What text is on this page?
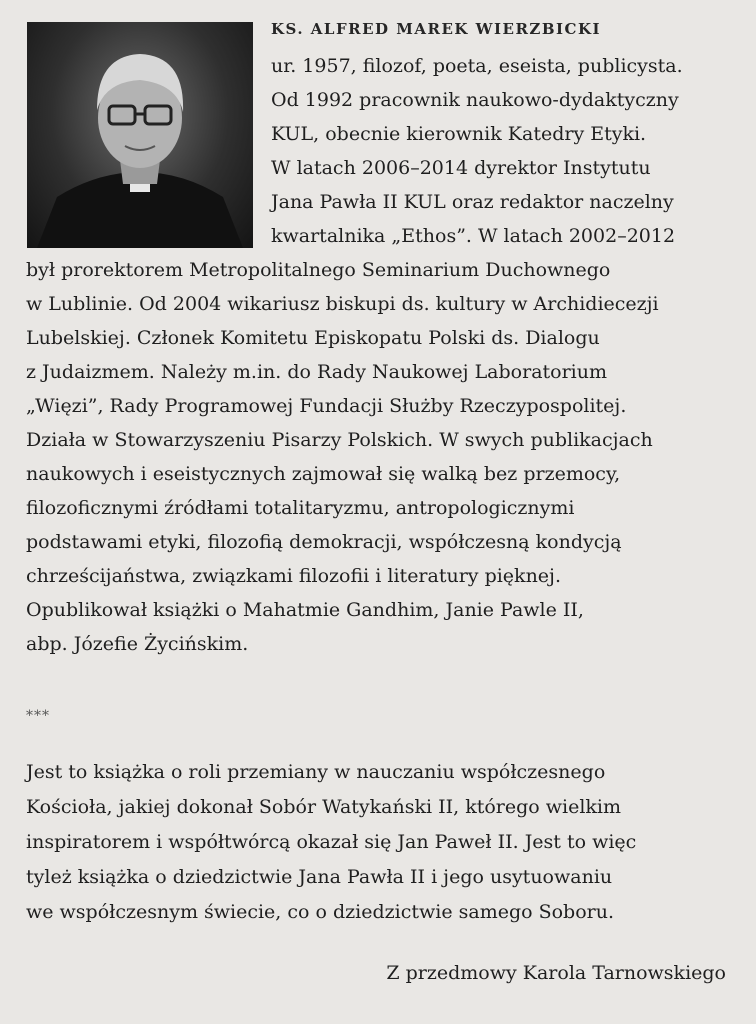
KS. ALFRED MAREK WIERZBICKI
ur. 1957, filozof, poeta, eseista, publicysta.
Od 1992 pracownik naukowo-dydaktyczny
KUL, obecnie kierownik Katedry Etyki.
W latach 2006–2014 dyrektor Instytutu
Jana Pawła II KUL oraz redaktor naczelny
kwartalnika „Ethos”. W latach 2002–2012
był prorektorem Metropolitalnego Seminarium Duchownego
w Lublinie. Od 2004 wikariusz biskupi ds. kultury w Archidiecezji
Lubelskiej. Członek Komitetu Episkopatu Polski ds. Dialogu
z Judaizmem. Należy m.in. do Rady Naukowej Laboratorium
„Więzi”, Rady Programowej Fundacji Służby Rzeczypospolitej.
Działa w Stowarzyszeniu Pisarzy Polskich. W swych publikacjach
naukowych i eseistycznych zajmował się walką bez przemocy,
filozoficznymi źródłami totalitaryzmu, antropologicznymi
podstawami etyki, filozofią demokracji, współczesną kondycją
chrześcijaństwa, związkami filozofii i literatury pięknej.
Opublikował książki o Mahatmie Gandhim, Janie Pawle II,
abp. Józefie Życińskim.
***
Jest to książka o roli przemiany w nauczaniu współczesnego
Kościoła, jakiej dokonał Sobór Watykański II, którego wielkim
inspiratorem i współtwórcą okazał się Jan Paweł II. Jest to więc
tyleż książka o dziedzictwie Jana Pawła II i jego usytuowaniu
we współczesnym świecie, co o dziedzictwie samego Soboru.
Z przedmowy Karola Tarnowskiego
